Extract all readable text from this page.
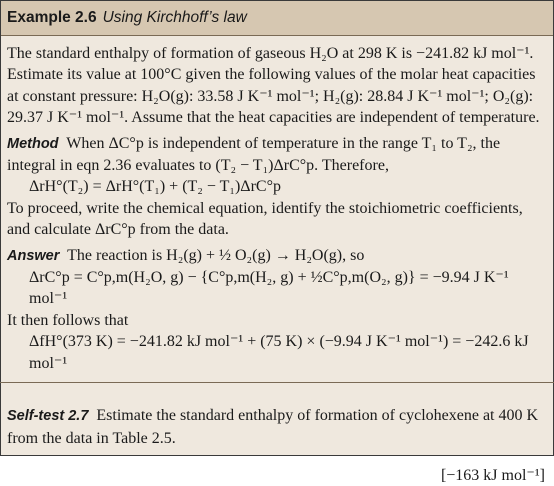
Example 2.6 Using Kirchhoff’s law

The standard enthalpy of formation of gaseous H₂O at 298 K is −241.82 kJ mol⁻¹. Estimate its value at 100°C given the following values of the molar heat capacities at constant pressure: H₂O(g): 33.58 J K⁻¹ mol⁻¹; H₂(g): 28.84 J K⁻¹ mol⁻¹; O₂(g): 29.37 J K⁻¹ mol⁻¹. Assume that the heat capacities are independent of temperature.

Method When ΔC°p is independent of temperature in the range T₁ to T₂, the integral in eqn 2.36 evaluates to (T₂ − T₁)ΔrC°p. Therefore,

ΔrH°(T₂) = ΔrH°(T₁) + (T₂ − T₁)ΔrC°p

To proceed, write the chemical equation, identify the stoichiometric coefficients, and calculate ΔrC°p from the data.

Answer The reaction is H₂(g) + ½ O₂(g) → H₂O(g), so

ΔrC°p = C°p,m(H₂O, g) − {C°p,m(H₂, g) + ½C°p,m(O₂, g)} = −9.94 J K⁻¹ mol⁻¹

It then follows that

ΔfH°(373 K) = −241.82 kJ mol⁻¹ + (75 K) × (−9.94 J K⁻¹ mol⁻¹) = −242.6 kJ mol⁻¹

Self-test 2.7 Estimate the standard enthalpy of formation of cyclohexene at 400 K from the data in Table 2.5.

[−163 kJ mol⁻¹]
